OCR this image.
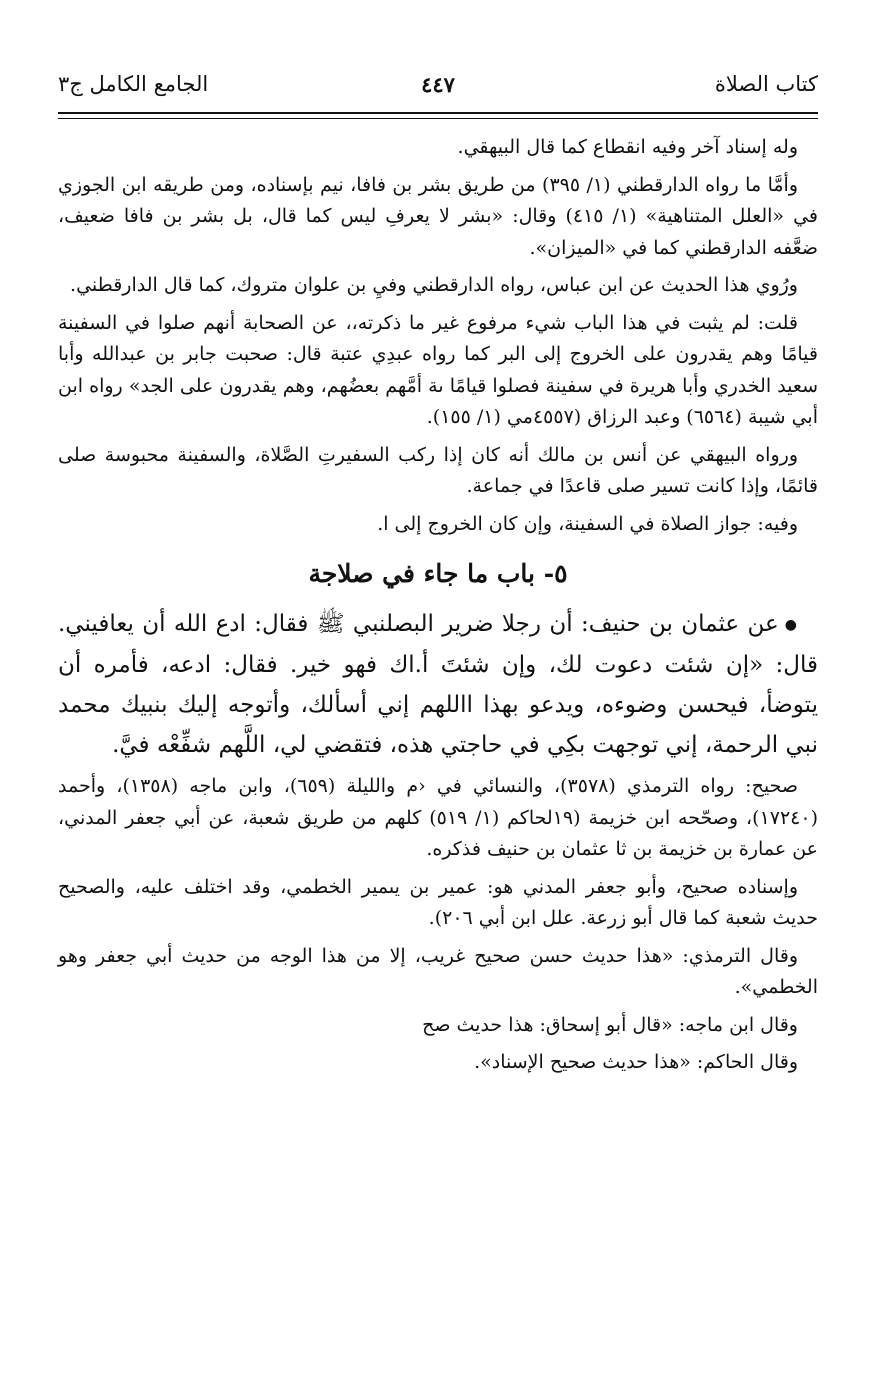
كتاب الصلاة
٤٤٧
الجامع الكامل ج٣

وله إسناد آخر وفيه انقطاع كما قال البيهقي.

وأمَّا ما رواه الدارقطني (١/ ٣٩٥) من طريق بشر بن فافا، نيم بإسناده، ومن طريقه ابن الجوزي في «العلل المتناهية» (١/ ٤١٥) وقال: «بشر لا يعرفِ ليس كما قال، بل بشر بن فافا ضعيف، ضعَّفه الدارقطني كما في «الميزان».

ورُوي هذا الحديث عن ابن عباس، رواه الدارقطني وفيِ بن علوان متروك، كما قال الدارقطني.

قلت: لم يثبت في هذا الباب شيء مرفوع غير ما ذكرته،، عن الصحابة أنهم صلوا في السفينة قيامًا وهم يقدرون على الخروج إلى البر كما رواه عبدِي عتبة قال: صحبت جابر بن عبدالله وأبا سعيد الخدري وأبا هريرة في سفينة فصلوا قيامًا ىة أمَّهم بعضُهم، وهم يقدرون على الجد» رواه ابن أبي شيبة (٦٥٦٤) وعبد الرزاق (٤٥٥٧مي (١/ ١٥٥).

ورواه البيهقي عن أنس بن مالك أنه كان إذا ركب السفيرتِ الصَّلاة، والسفينة محبوسة صلى قائمًا، وإذا كانت تسير صلى قاعدًا في جماعة.

وفيه: جواز الصلاة في السفينة، وإن كان الخروج إلى ا.

٥- باب ما جاء في صلاجة

●عن عثمان بن حنيف: أن رجلا ضرير البصلنبي ﷺ فقال: ادع الله أن يعافيني. قال: «إن شئت دعوت لك، وإن شئتَ أ.اك فهو خير. فقال: ادعه، فأمره أن يتوضأ، فيحسن وضوءه، ويدعو بهذا االلهم إني أسألك، وأتوجه إليك بنبيك محمد نبي الرحمة، إني توجهت بكِي في حاجتي هذه، فتقضي لي، اللَّهم شفِّعْه فيَّ.

صحيح: رواه الترمذي (٣٥٧٨)، والنسائي في ‹م والليلة (٦٥٩)، وابن ماجه (١٣٥٨)، وأحمد (١٧٢٤٠)، وصحّحه ابن خزيمة (١٩لحاكم (١/ ٥١٩) كلهم من طريق شعبة، عن أبي جعفر المدني، عن عمارة بن خزيمة بن ثا عثمان بن حنيف فذكره.

وإسناده صحيح، وأبو جعفر المدني هو: عمير بن يىمير الخطمي، وقد اختلف عليه، والصحيح حديث شعبة كما قال أبو زرعة. علل ابن أبي ٢٠٦).

وقال الترمذي: «هذا حديث حسن صحيح غريب، إلا من هذا الوجه من حديث أبي جعفر وهو الخطمي».

وقال ابن ماجه: «قال أبو إسحاق: هذا حديث صح

وقال الحاكم: «هذا حديث صحيح الإسناد».
